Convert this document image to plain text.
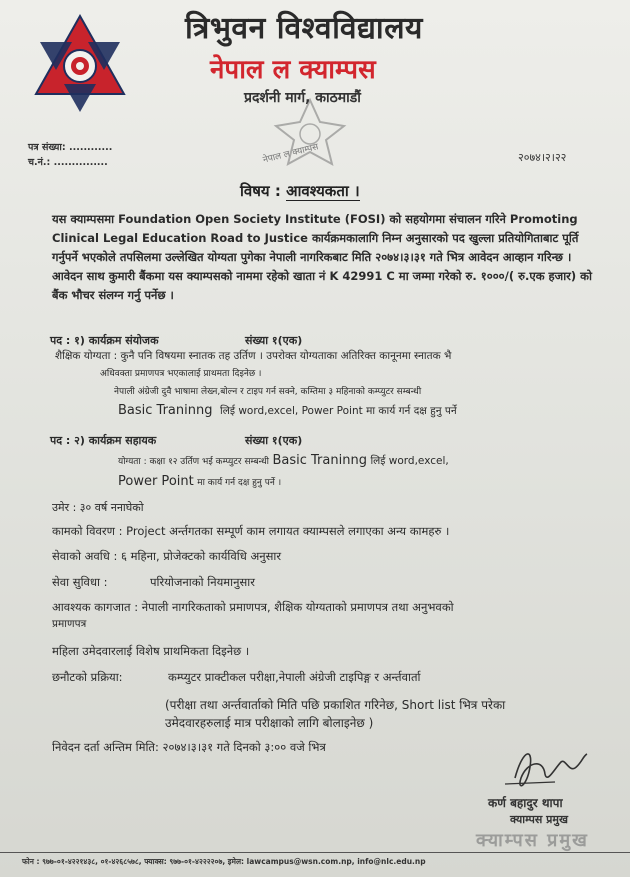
त्रिभुवन विश्वविद्यालय
नेपाल ल क्याम्पस
प्रदर्शनी मार्ग, काठमाडौं
नेपाल ल क्याम्पस
पत्र संख्या: ............
च.नं.: ...............	२०७४।२।२२
विषय : आवश्यकता ।
यस क्याम्पसमा Foundation Open Society Institute (FOSI) को सहयोगमा संचालन गरिने Promoting Clinical Legal Education Road to Justice कार्यक्रमकालागि निम्न अनुसारको पद खुल्ला प्रतियोगिताबाट पूर्ति गर्नुपर्ने भएकोले तपसिलमा उल्लेखित योग्यता पुगेका नेपाली नागरिकबाट मिति २०७४।३।३१ गते भित्र आवेदन आव्हान गरिन्छ । आवेदन साथ कुमारी बैंकमा यस क्याम्पसको नाममा रहेको खाता नं K 42991 C मा जम्मा गरेको रु. १०००/( रु.एक हजार) को बैंक भौचर संलग्न गर्नु पर्नेछ ।
पद : १) कार्यक्रम संयोजक	संख्या १(एक)
शैक्षिक योग्यता : कुनै पनि विषयमा स्नातक तह उर्तिण । उपरोक्त योग्यताका अतिरिक्त कानूनमा स्नातक भै
अधिवक्ता प्रमाणपत्र भएकालाई प्राथमता दिइनेछ ।
नेपाली अंग्रेजी दुवै भाषामा लेख्न,बोल्न र टाइप गर्न सक्ने, कम्तिमा ३ महिनाको कम्प्युटर सम्बन्धी
Basic Traninng लिई word,excel, Power Point मा कार्य गर्न दक्ष हुनु पर्ने
पद : २) कार्यक्रम सहायक	संख्या १(एक)
योग्यता : कक्षा १२ उर्तिण भई कम्प्युटर सम्बन्धी Basic Traninng लिई word,excel,
Power Point मा कार्य गर्न दक्ष हुनु पर्ने ।
उमेर : ३० वर्ष ननाघेको
कामको विवरण : Project अर्न्तगतका सम्पूर्ण काम लगायत क्याम्पसले लगाएका अन्य कामहरु ।
सेवाको अवधि : ६ महिना, प्रोजेक्टको कार्यविधि अनुसार
सेवा सुविधा :	परियोजनाको नियमानुसार
आवश्यक कागजात : नेपाली नागरिकताको प्रमाणपत्र, शैक्षिक योग्यताको प्रमाणपत्र तथा अनुभवको
प्रमाणपत्र
महिला उमेदवारलाई विशेष प्राथमिकता दिइनेछ ।
छनौटको प्रक्रिया:	कम्प्युटर प्राक्टीकल परीक्षा,नेपाली अंग्रेजी टाइपिङ्ग र अर्न्तवार्ता
(परीक्षा तथा अर्न्तवार्ताको मिति पछि प्रकाशित गरिनेछ, Short list भित्र परेका
उमेदवारहरुलाई मात्र परीक्षाको लागि बोलाइनेछ )
निवेदन दर्ता अन्तिम मिति: २०७४।३।३१ गते दिनको ३:०० वजे भित्र
कर्ण बहादुर थापा
क्याम्पस प्रमुख
क्याम्पस प्रमुख
फोन : ९७७-०१-४२२१४३८, ०१-४२६८५७८, फ्याक्स: ९७७-०१-४२२२२०७, इमेल: lawcampus@wsn.com.np, info@nlc.edu.np
